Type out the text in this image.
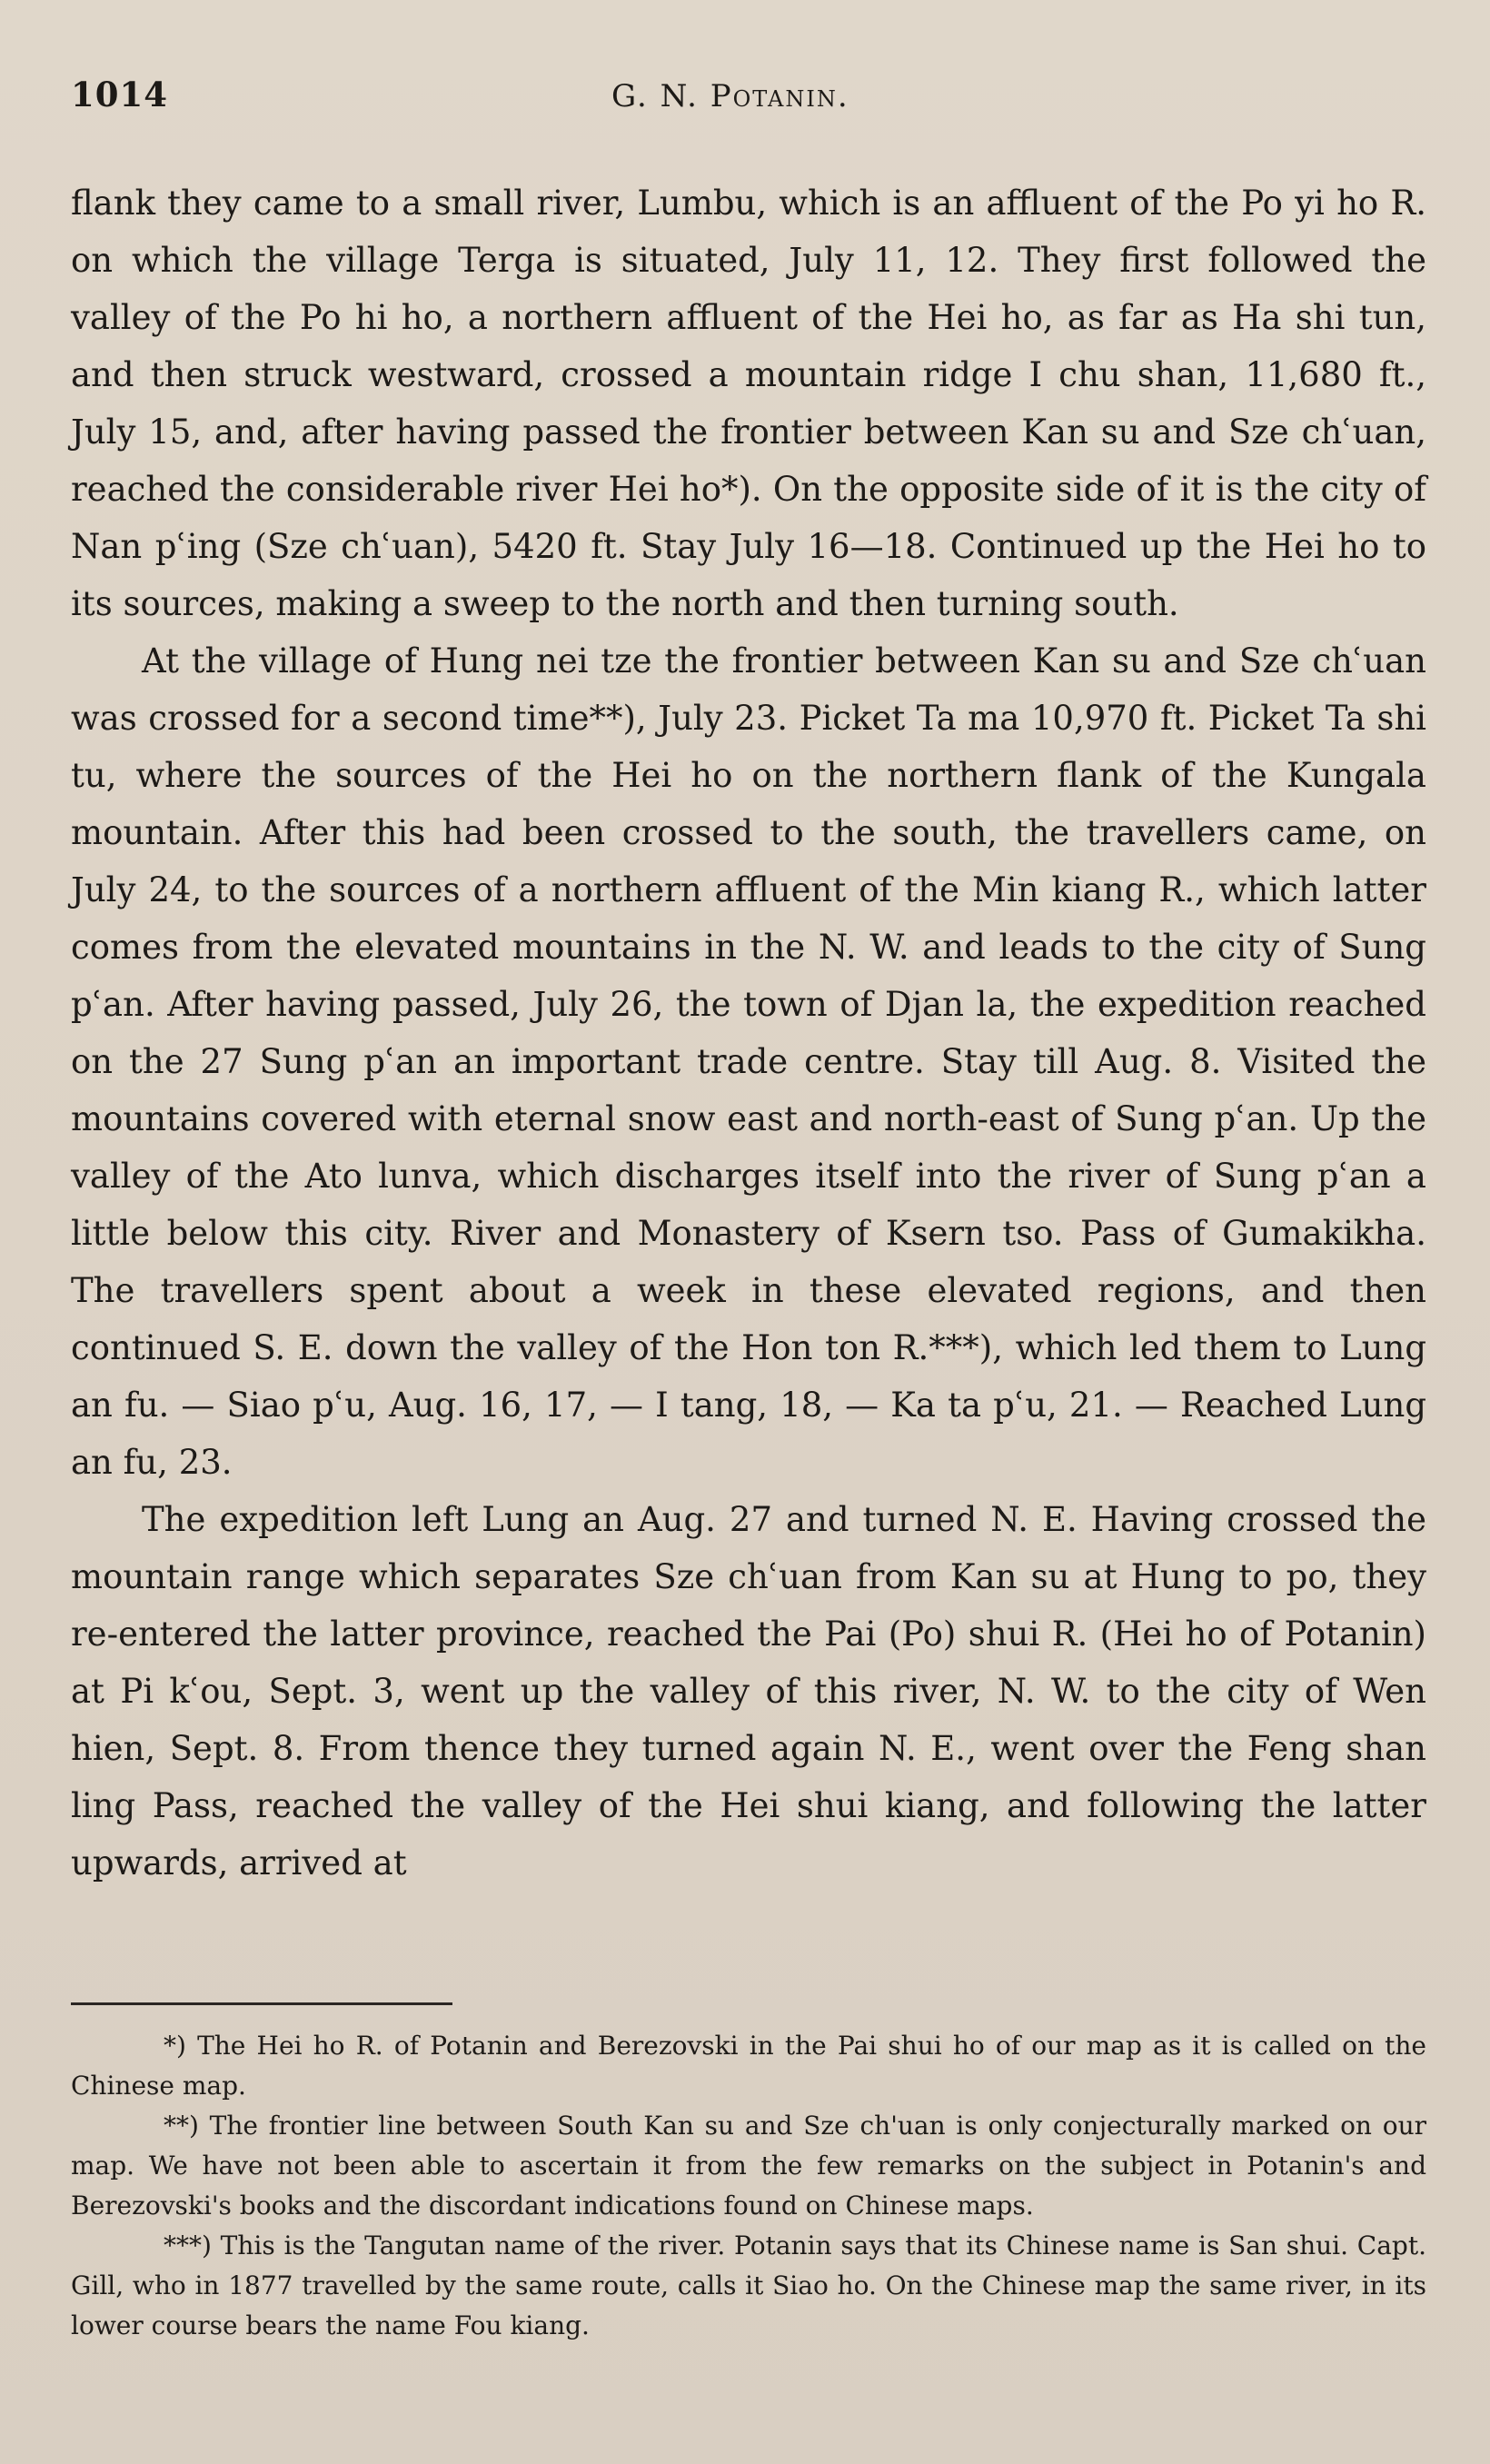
1014	G. N. Potanin.

flank they came to a small river, Lumbu, which is an affluent of the Po yi ho R. on which the village Terga is situated, July 11, 12. They first followed the valley of the Po hi ho, a northern affluent of the Hei ho, as far as Ha shi tun, and then struck westward, crossed a mountain ridge I chu shan, 11,680 ft., July 15, and, after having passed the frontier between Kan su and Sze chʿuan, reached the considerable river Hei ho*). On the opposite side of it is the city of Nan pʿing (Sze chʿuan), 5420 ft. Stay July 16—18. Continued up the Hei ho to its sources, making a sweep to the north and then turning south.

At the village of Hung nei tze the frontier between Kan su and Sze chʿuan was crossed for a second time**), July 23. Picket Ta ma 10,970 ft. Picket Ta shi tu, where the sources of the Hei ho on the northern flank of the Kungala mountain. After this had been crossed to the south, the travellers came, on July 24, to the sources of a northern affluent of the Min kiang R., which latter comes from the elevated mountains in the N. W. and leads to the city of Sung pʿan. After having passed, July 26, the town of Djan la, the expedition reached on the 27 Sung pʿan an important trade centre. Stay till Aug. 8. Visited the mountains covered with eternal snow east and north-east of Sung pʿan. Up the valley of the Ato lunva, which discharges itself into the river of Sung pʿan a little below this city. River and Monastery of Ksern tso. Pass of Gumakikha. The travellers spent about a week in these elevated regions, and then continued S. E. down the valley of the Hon ton R.***), which led them to Lung an fu. — Siao pʿu, Aug. 16, 17, — I tang, 18, — Ka ta pʿu, 21. — Reached Lung an fu, 23.

The expedition left Lung an Aug. 27 and turned N. E. Having crossed the mountain range which separates Sze chʿuan from Kan su at Hung to po, they re-entered the latter province, reached the Pai (Po) shui R. (Hei ho of Potanin) at Pi kʿou, Sept. 3, went up the valley of this river, N. W. to the city of Wen hien, Sept. 8. From thence they turned again N. E., went over the Feng shan ling Pass, reached the valley of the Hei shui kiang, and following the latter upwards, arrived at

*) The Hei ho R. of Potanin and Berezovski in the Pai shui ho of our map as it is called on the Chinese map.

**) The frontier line between South Kan su and Sze ch'uan is only conjecturally marked on our map. We have not been able to ascertain it from the few remarks on the subject in Potanin's and Berezovski's books and the discordant indications found on Chinese maps.

***) This is the Tangutan name of the river. Potanin says that its Chinese name is San shui. Capt. Gill, who in 1877 travelled by the same route, calls it Siao ho. On the Chinese map the same river, in its lower course bears the name Fou kiang.
